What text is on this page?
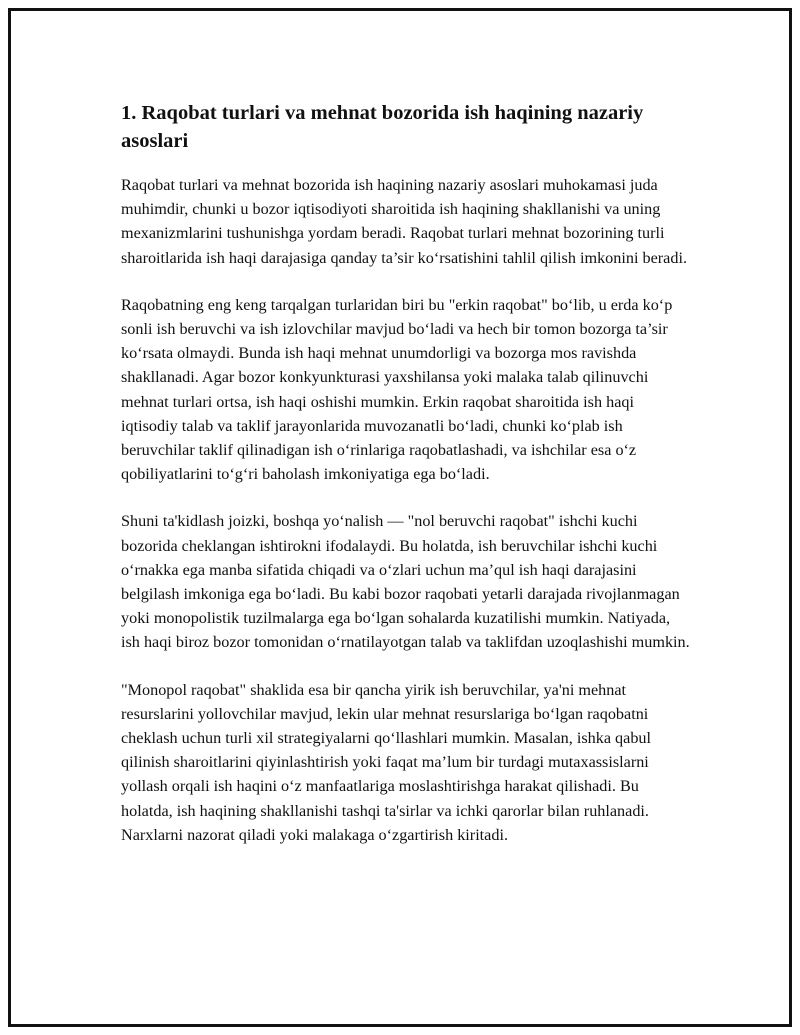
1. Raqobat turlari va mehnat bozorida ish haqining nazariy asoslari

Raqobat turlari va mehnat bozorida ish haqining nazariy asoslari muhokamasi juda muhimdir, chunki u bozor iqtisodiyoti sharoitida ish haqining shakllanishi va uning mexanizmlarini tushunishga yordam beradi. Raqobat turlari mehnat bozorining turli sharoitlarida ish haqi darajasiga qanday ta’sir ko‘rsatishini tahlil qilish imkonini beradi.

Raqobatning eng keng tarqalgan turlaridan biri bu "erkin raqobat" bo‘lib, u erda ko‘p sonli ish beruvchi va ish izlovchilar mavjud bo‘ladi va hech bir tomon bozorga ta’sir ko‘rsata olmaydi. Bunda ish haqi mehnat unumdorligi va bozorga mos ravishda shakllanadi. Agar bozor konkyunkturasi yaxshilansa yoki malaka talab qilinuvchi mehnat turlari ortsa, ish haqi oshishi mumkin. Erkin raqobat sharoitida ish haqi iqtisodiy talab va taklif jarayonlarida muvozanatli bo‘ladi, chunki ko‘plab ish beruvchilar taklif qilinadigan ish o‘rinlariga raqobatlashadi, va ishchilar esa o‘z qobiliyatlarini to‘g‘ri baholash imkoniyatiga ega bo‘ladi.

Shuni ta'kidlash joizki, boshqa yo‘nalish — "nol beruvchi raqobat" ishchi kuchi bozorida cheklangan ishtirokni ifodalaydi. Bu holatda, ish beruvchilar ishchi kuchi o‘rnakka ega manba sifatida chiqadi va o‘zlari uchun ma’qul ish haqi darajasini belgilash imkoniga ega bo‘ladi. Bu kabi bozor raqobati yetarli darajada rivojlanmagan yoki monopolistik tuzilmalarga ega bo‘lgan sohalarda kuzatilishi mumkin. Natiyada, ish haqi biroz bozor tomonidan o‘rnatilayotgan talab va taklifdan uzoqlashishi mumkin.

"Monopol raqobat" shaklida esa bir qancha yirik ish beruvchilar, ya'ni mehnat resurslarini yollovchilar mavjud, lekin ular mehnat resurslariga bo‘lgan raqobatni cheklash uchun turli xil strategiyalarni qo‘llashlari mumkin. Masalan, ishka qabul qilinish sharoitlarini qiyinlashtirish yoki faqat ma’lum bir turdagi mutaxassislarni yollash orqali ish haqini o‘z manfaatlariga moslashtirishga harakat qilishadi. Bu holatda, ish haqining shakllanishi tashqi ta'sirlar va ichki qarorlar bilan ruhlanadi. Narxlarni nazorat qiladi yoki malakaga o‘zgartirish kiritadi.
